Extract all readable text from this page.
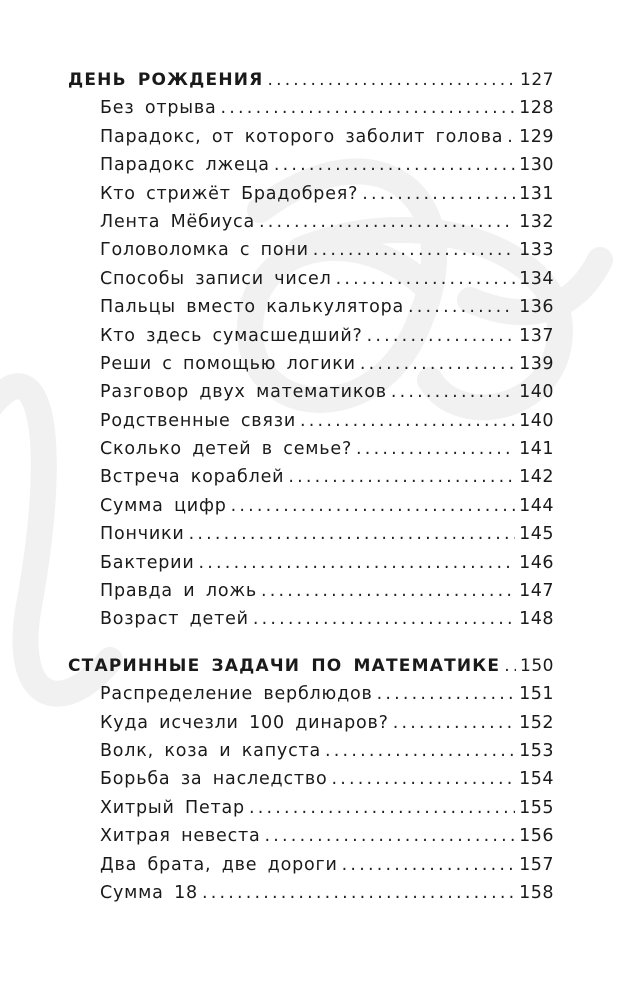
ДЕНЬ РОЖДЕНИЯ .....	127
Без отрыва .....	128
Парадокс, от которого заболит голова ..... 129
Парадокс лжеца .....	130
Кто стрижёт Брадобрея? .....	131
Лента Мёбиуса .....	132
Головоломка с пони .....	133
Способы записи чисел .....	134
Пальцы вместо калькулятора .....	136
Кто здесь сумасшедший? .....	137
Реши с помощью логики .....	139
Разговор двух математиков .....	140
Родственные связи .....	140
Сколько детей в семье? .....	141
Встреча кораблей .....	142
Сумма цифр .....	144
Пончики .....	145
Бактерии .....	146
Правда и ложь .....	147
Возраст детей .....	148
СТАРИННЫЕ ЗАДАЧИ ПО МАТЕМАТИКЕ ..... 150
Распределение верблюдов .....	151
Куда исчезли 100 динаров? .....	152
Волк, коза и капуста .....	153
Борьба за наследство .....	154
Хитрый Петар .....	155
Хитрая невеста .....	156
Два брата, две дороги .....	157
Сумма 18 .....	158
